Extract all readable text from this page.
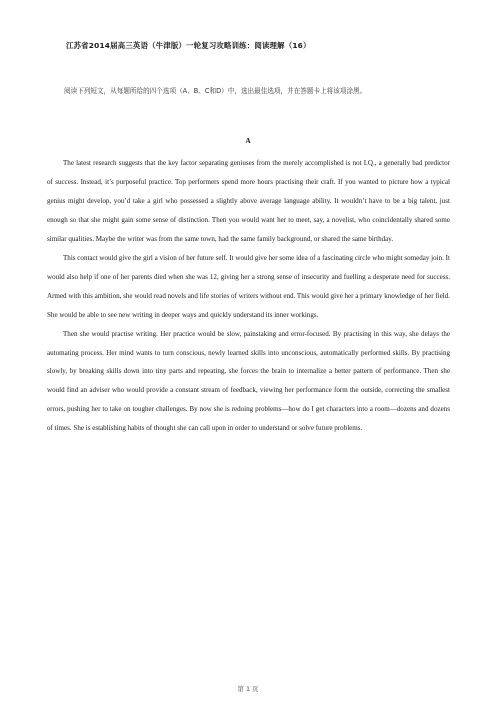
江苏省2014届高三英语（牛津版）一轮复习攻略训练：阅读理解（16）
阅读下列短文，从每题所给的四个选项（A、B、C和D）中，选出最佳选项，并在答题卡上将该项涂黑。
A

The latest research suggests that the key factor separating geniuses from the merely accomplished is not I.Q., a generally bad predictor of success. Instead, it’s purposeful practice. Top performers spend more hours practising their craft. If you wanted to picture how a typical genius might develop, you’d take a girl who possessed a slightly above average language ability. It wouldn’t have to be a big talent, just enough so that she might gain some sense of distinction. Then you would want her to meet, say, a novelist, who coincidentally shared some similar qualities. Maybe the writer was from the same town, had the same family background, or shared the same birthday.

This contact would give the girl a vision of her future self. It would give her some idea of a fascinating circle who might someday join. It would also help if one of her parents died when she was 12, giving her a strong sense of insecurity and fuelling a desperate need for success. Armed with this ambition, she would read novels and life stories of writers without end. This would give her a primary knowledge of her field. She would be able to see new writing in deeper ways and quickly understand its inner workings.

Then she would practise writing. Her practice would be slow, painstaking and error-focused. By practising in this way, she delays the automating process. Her mind wants to turn conscious, newly learned skills into unconscious, automatically performed skills. By practising slowly, by breaking skills down into tiny parts and repeating, she forces the brain to internalize a better pattern of performance. Then she would find an adviser who would provide a constant stream of feedback, viewing her performance form the outside, correcting the smallest errors, pushing her to take on tougher challenges. By now she is redoing problems—how do I get characters into a room—dozens and dozens of times. She is establishing habits of thought she can call upon in order to understand or solve future problems.

第 1 页
